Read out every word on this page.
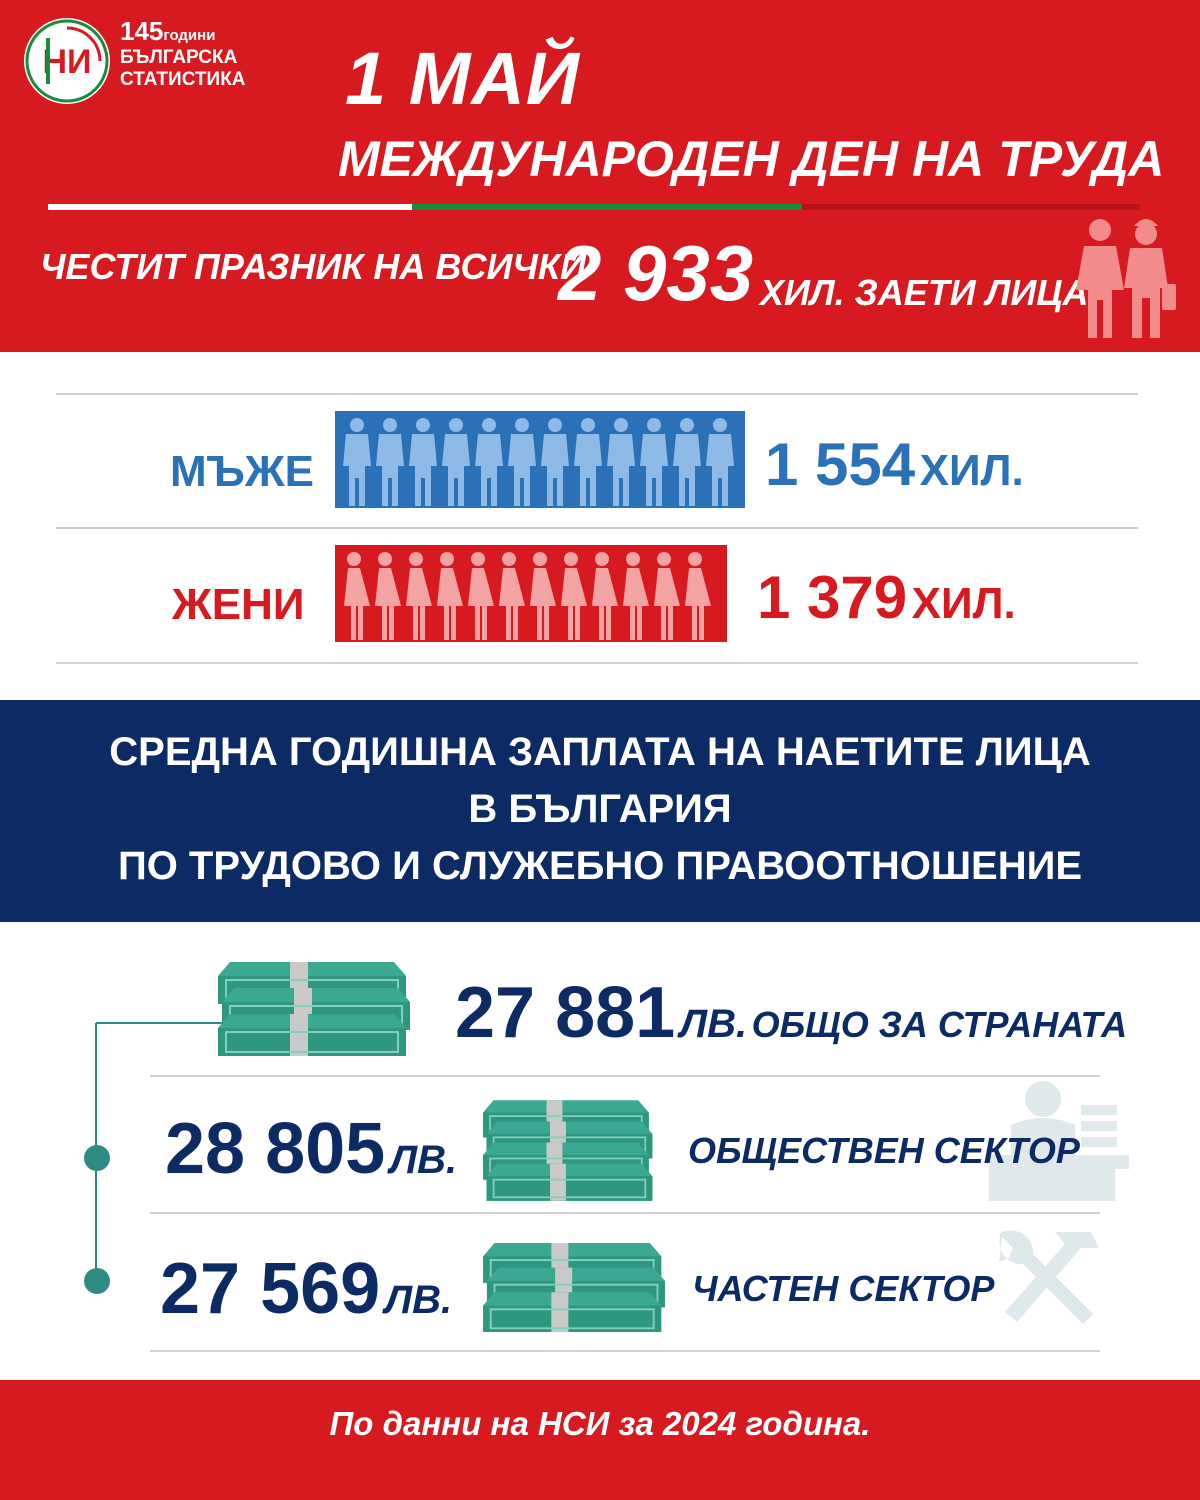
НИ
145години
БЪЛГАРСКА
СТАТИСТИКА 1 МАЙ
МЕЖДУНАРОДЕН ДЕН НА ТРУДА
ЧЕСТИТ ПРАЗНИК НА ВСИЧКИ
2 933 ХИЛ. ЗАЕТИ ЛИЦА
МЪЖЕ	1 554 ХИЛ.
ЖЕНИ	1 379 ХИЛ.
СРЕДНА ГОДИШНА ЗАПЛАТА НА НАЕТИТЕ ЛИЦА
В БЪЛГАРИЯ
ПО ТРУДОВО И СЛУЖЕБНО ПРАВООТНОШЕНИЕ
27 881 ЛВ. ОБЩО ЗА СТРАНАТА
28 805 ЛВ.	ОБЩЕСТВЕН СЕКТОР
27 569 ЛВ.	ЧАСТЕН СЕКТОР
По данни на НСИ за 2024 година.
